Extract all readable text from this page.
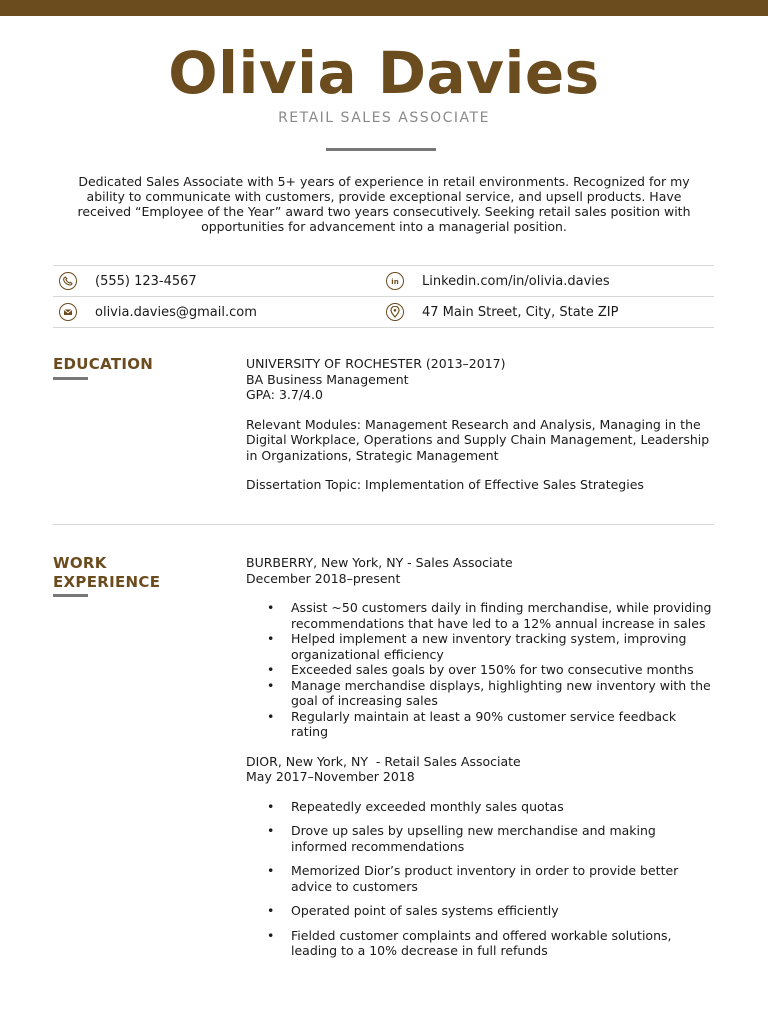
Olivia Davies
RETAIL SALES ASSOCIATE

Dedicated Sales Associate with 5+ years of experience in retail environments. Recognized for my ability to communicate with customers, provide exceptional service, and upsell products. Have received “Employee of the Year” award two years consecutively. Seeking retail sales position with opportunities for advancement into a managerial position.

(555) 123-4567	in Linkedin.com/in/olivia.davies
olivia.davies@gmail.com	47 Main Street, City, State ZIP
EDUCATION	UNIVERSITY OF ROCHESTER (2013–2017)

BA Business Management

GPA: 3.7/4.0

Relevant Modules: Management Research and Analysis, Managing in the Digital Workplace, Operations and Supply Chain Management, Leadership in Organizations, Strategic Management

Dissertation Topic: Implementation of Effective Sales Strategies

WORK
EXPERIENCE

BURBERRY, New York, NY - Sales Associate

December 2018–present

• Assist ~50 customers daily in finding merchandise, while providing recommendations that have led to a 12% annual increase in sales
• Helped implement a new inventory tracking system, improving organizational efficiency
• Exceeded sales goals by over 150% for two consecutive months
• Manage merchandise displays, highlighting new inventory with the goal of increasing sales
• Regularly maintain at least a 90% customer service feedback rating

DIOR, New York, NY  - Retail Sales Associate

May 2017–November 2018

• Repeatedly exceeded monthly sales quotas
• Drove up sales by upselling new merchandise and making informed recommendations
• Memorized Dior’s product inventory in order to provide better advice to customers
• Operated point of sales systems efficiently
• Fielded customer complaints and offered workable solutions, leading to a 10% decrease in full refunds
